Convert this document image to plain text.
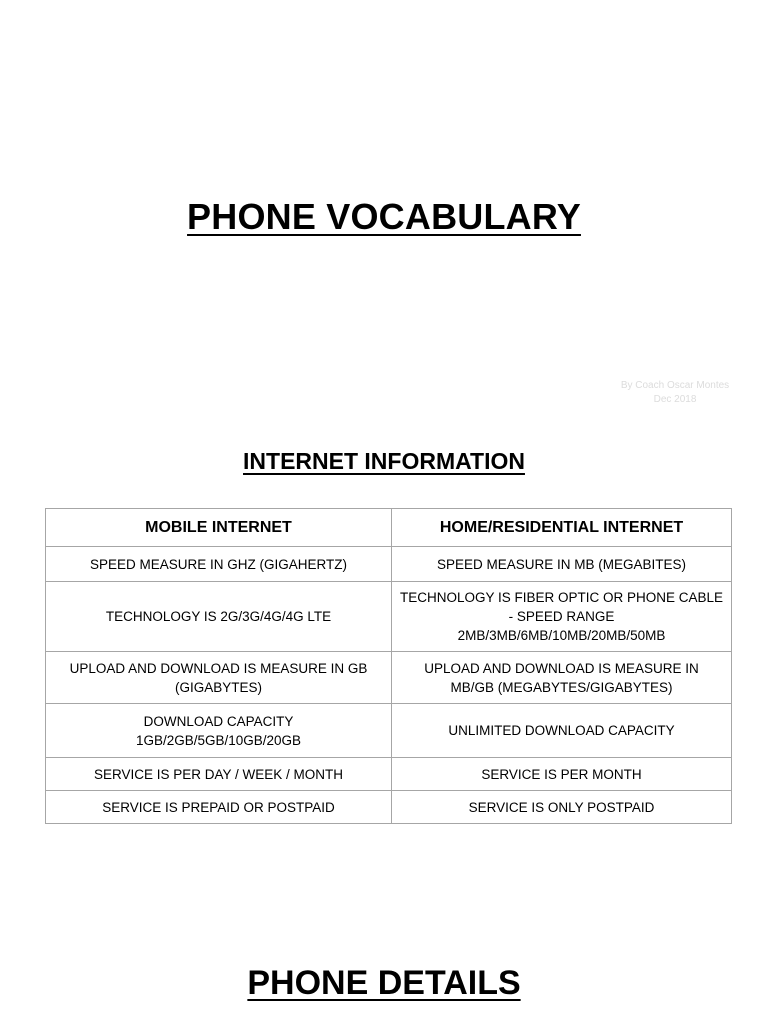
PHONE VOCABULARY
By Coach Oscar Montes
Dec 2018
INTERNET INFORMATION
MOBILE INTERNET	HOME/RESIDENTIAL INTERNET

SPEED MEASURE IN GHZ (GIGAHERTZ)	SPEED MEASURE IN MB (MEGABITES)

TECHNOLOGY IS 2G/3G/4G/4G LTE	TECHNOLOGY IS FIBER OPTIC OR PHONE CABLE
- SPEED RANGE
2MB/3MB/6MB/10MB/20MB/50MB

UPLOAD AND DOWNLOAD IS MEASURE IN GB
(GIGABYTES)	UPLOAD AND DOWNLOAD IS MEASURE IN
MB/GB (MEGABYTES/GIGABYTES)

DOWNLOAD CAPACITY
1GB/2GB/5GB/10GB/20GB	UNLIMITED DOWNLOAD CAPACITY

SERVICE IS PER DAY / WEEK / MONTH	SERVICE IS PER MONTH

SERVICE IS PREPAID OR POSTPAID	SERVICE IS ONLY POSTPAID
PHONE DETAILS
